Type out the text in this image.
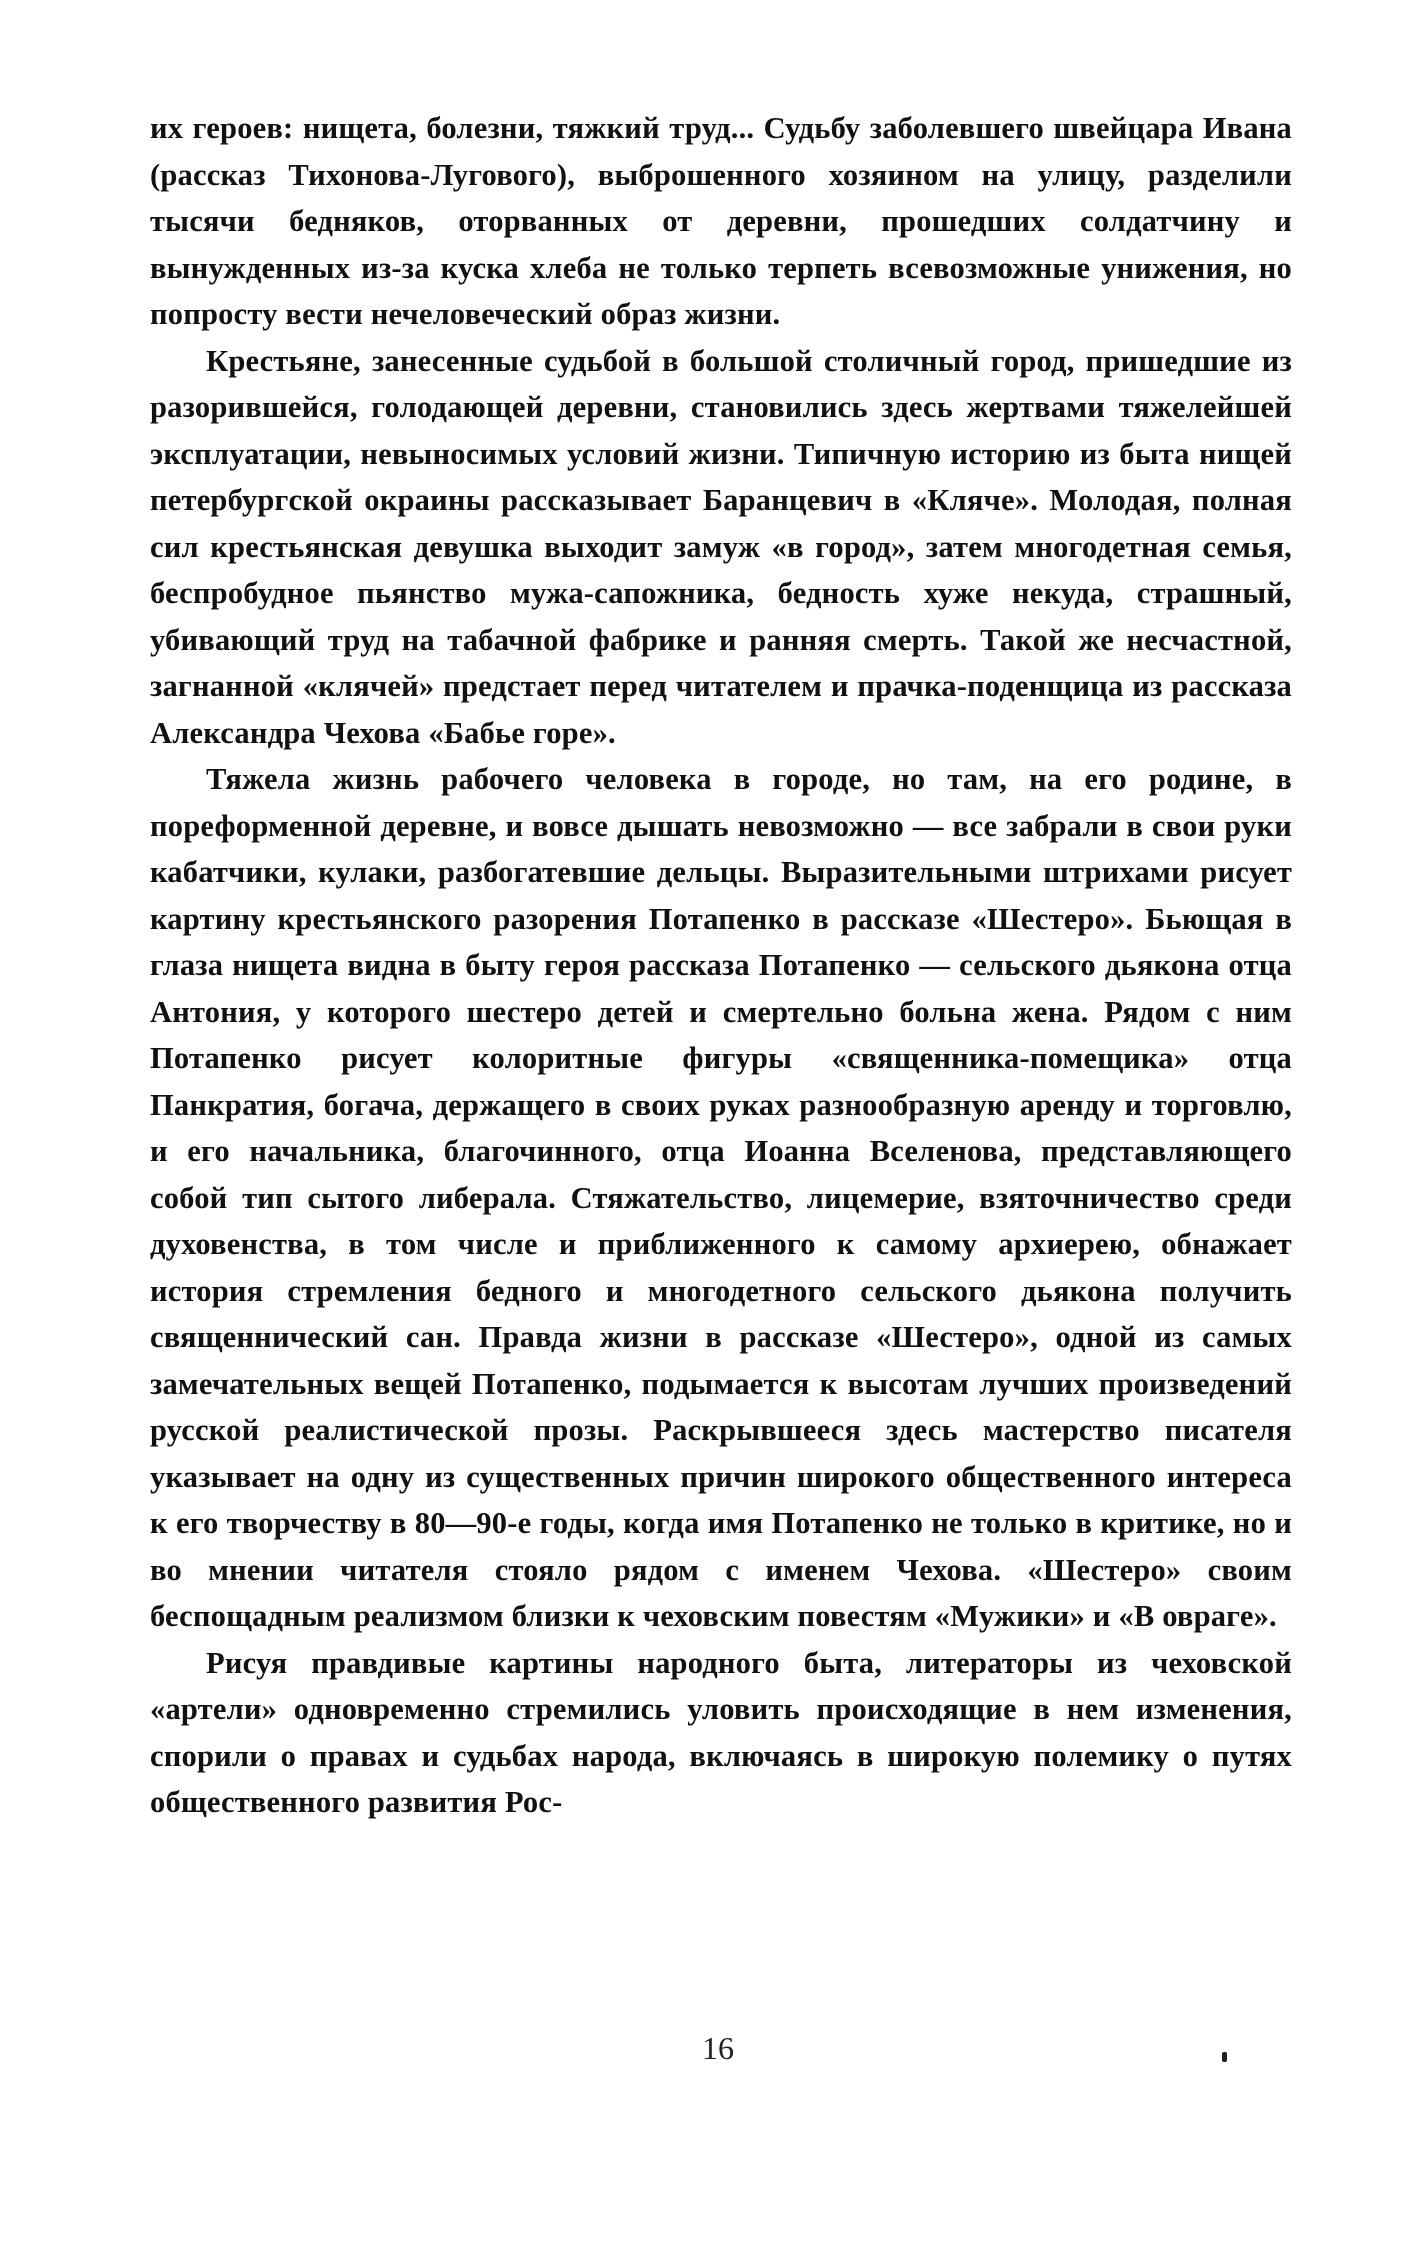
их героев: нищета, болезни, тяжкий труд... Судьбу заболевшего швейцара Ивана (рассказ Тихонова-Лугового), выброшенного хозяином на улицу, разделили тысячи бедняков, оторванных от деревни, прошедших солдатчину и вынужденных из-за куска хлеба не только терпеть всевозможные унижения, но попросту вести нечеловеческий образ жизни.

Крестьяне, занесенные судьбой в большой столичный город, пришедшие из разорившейся, голодающей деревни, становились здесь жертвами тяжелейшей эксплуатации, невыносимых условий жизни. Типичную историю из быта нищей петербургской окраины рассказывает Баранцевич в «Кляче». Молодая, полная сил крестьянская девушка выходит замуж «в город», затем многодетная семья, беспробудное пьянство мужа-сапожника, бедность хуже некуда, страшный, убивающий труд на табачной фабрике и ранняя смерть. Такой же несчастной, загнанной «клячей» предстает перед читателем и прачка-поденщица из рассказа Александра Чехова «Бабье горе».

Тяжела жизнь рабочего человека в городе, но там, на его родине, в пореформенной деревне, и вовсе дышать невозможно — все забрали в свои руки кабатчики, кулаки, разбогатевшие дельцы. Выразительными штрихами рисует картину крестьянского разорения Потапенко в рассказе «Шестеро». Бьющая в глаза нищета видна в быту героя рассказа Потапенко — сельского дьякона отца Антония, у которого шестеро детей и смертельно больна жена. Рядом с ним Потапенко рисует колоритные фигуры «священника-помещика» отца Панкратия, богача, держащего в своих руках разнообразную аренду и торговлю, и его начальника, благочинного, отца Иоанна Вселенова, представляющего собой тип сытого либерала. Стяжательство, лицемерие, взяточничество среди духовенства, в том числе и приближенного к самому архиерею, обнажает история стремления бедного и многодетного сельского дьякона получить священнический сан. Правда жизни в рассказе «Шестеро», одной из самых замечательных вещей Потапенко, подымается к высотам лучших произведений русской реалистической прозы. Раскрывшееся здесь мастерство писателя указывает на одну из существенных причин широкого общественного интереса к его творчеству в 80—90-е годы, когда имя Потапенко не только в критике, но и во мнении читателя стояло рядом с именем Чехова. «Шестеро» своим беспощадным реализмом близки к чеховским повестям «Мужики» и «В овраге».

Рисуя правдивые картины народного быта, литераторы из чеховской «артели» одновременно стремились уловить происходящие в нем изменения, спорили о правах и судьбах народа, включаясь в широкую полемику о путях общественного развития Рос-

16
